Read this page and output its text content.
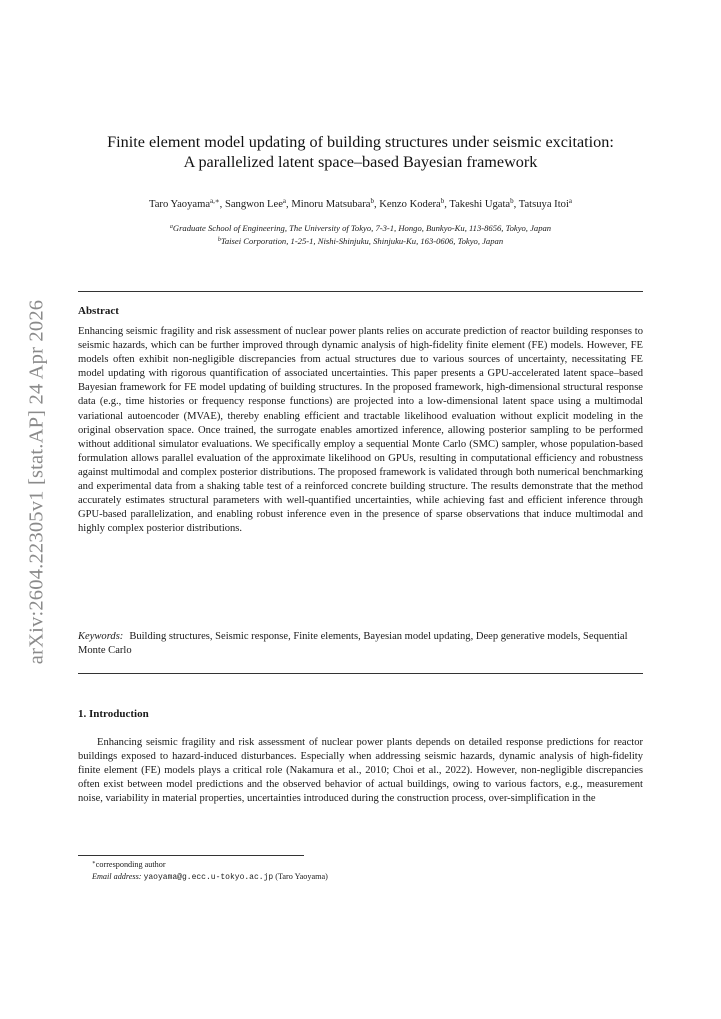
arXiv:2604.22305v1 [stat.AP] 24 Apr 2026
Finite element model updating of building structures under seismic excitation:
A parallelized latent space–based Bayesian framework
Taro Yaoyama$^{a,∗}$, Sangwon Lee$^a$, Minoru Matsubara$^b$, Kenzo Kodera$^b$, Takeshi Ugata$^b$, Tatsuya Itoi$^a$
$^a$Graduate School of Engineering, The University of Tokyo, 7-3-1, Hongo, Bunkyo-Ku, 113-8656, Tokyo, Japan
$^b$Taisei Corporation, 1-25-1, Nishi-Shinjuku, Shinjuku-Ku, 163-0606, Tokyo, Japan
Abstract

Enhancing seismic fragility and risk assessment of nuclear power plants relies on accurate prediction of reactor building responses to seismic hazards, which can be further improved through dynamic analysis of high-fidelity finite element (FE) models. However, FE models often exhibit non-negligible discrepancies from actual structures due to various sources of uncertainty, necessitating FE model updating with rigorous quantification of associated uncertainties. This paper presents a GPU-accelerated latent space–based Bayesian framework for FE model updating of building structures. In the proposed framework, high-dimensional structural response data (e.g., time histories or frequency response functions) are projected into a low-dimensional latent space using a multimodal variational autoencoder (MVAE), thereby enabling efficient and tractable likelihood evaluation without explicit modeling in the original observation space. Once trained, the surrogate enables amortized inference, allowing posterior sampling to be performed without additional simulator evaluations. We specifically employ a sequential Monte Carlo (SMC) sampler, whose population-based formulation allows parallel evaluation of the approximate likelihood on GPUs, resulting in computational efficiency and robustness against multimodal and complex posterior distributions. The proposed framework is validated through both numerical benchmarking and experimental data from a shaking table test of a reinforced concrete building structure. The results demonstrate that the method accurately estimates structural parameters with well-quantified uncertainties, while achieving fast and efficient inference through GPU-based parallelization, and enabling robust inference even in the presence of sparse observations that induce multimodal and highly complex posterior distributions.

Keywords: Building structures, Seismic response, Finite elements, Bayesian model updating, Deep generative models, Sequential Monte Carlo

1. Introduction

Enhancing seismic fragility and risk assessment of nuclear power plants depends on detailed response predictions for reactor buildings exposed to hazard-induced disturbances. Especially when addressing seismic hazards, dynamic analysis of high-fidelity finite element (FE) models plays a critical role (Nakamura et al., 2010; Choi et al., 2022). However, non-negligible discrepancies often exist between model predictions and the observed behavior of actual buildings, owing to various factors, e.g., measurement noise, variability in material properties, uncertainties introduced during the construction process, over-simplification in the

∗corresponding author
Email address: yaoyama@g.ecc.u-tokyo.ac.jp (Taro Yaoyama)
